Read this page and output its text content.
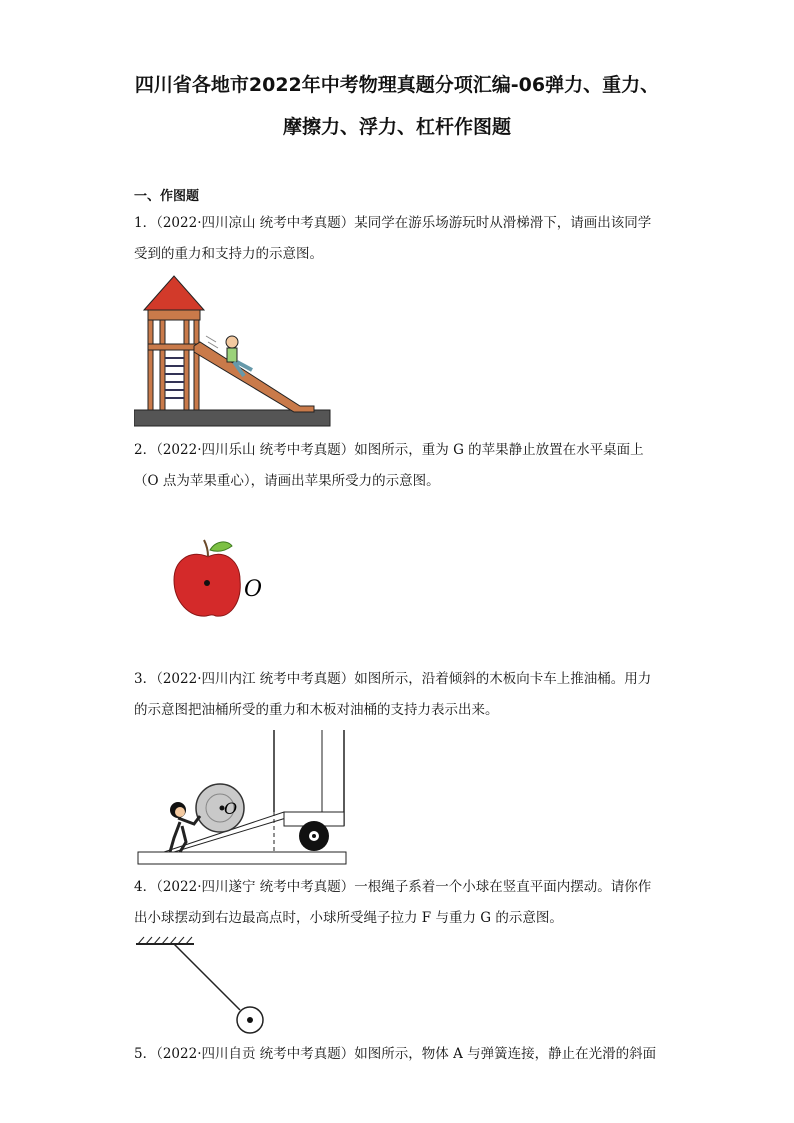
四川省各地市2022年中考物理真题分项汇编-06弹力、重力、
摩擦力、浮力、杠杆作图题
一、作图题
1．（2022·四川凉山 统考中考真题）某同学在游乐场游玩时从滑梯滑下，请画出该同学
受到的重力和支持力的示意图。
2．（2022·四川乐山 统考中考真题）如图所示，重为 G 的苹果静止放置在水平桌面上
（O 点为苹果重心），请画出苹果所受力的示意图。
O
3．（2022·四川内江 统考中考真题）如图所示，沿着倾斜的木板向卡车上推油桶。用力
的示意图把油桶所受的重力和木板对油桶的支持力表示出来。
O
4．（2022·四川遂宁 统考中考真题）一根绳子系着一个小球在竖直平面内摆动。请你作
出小球摆动到右边最高点时，小球所受绳子拉力 F 与重力 G 的示意图。
5．（2022·四川自贡 统考中考真题）如图所示，物体 A 与弹簧连接，静止在光滑的斜面
